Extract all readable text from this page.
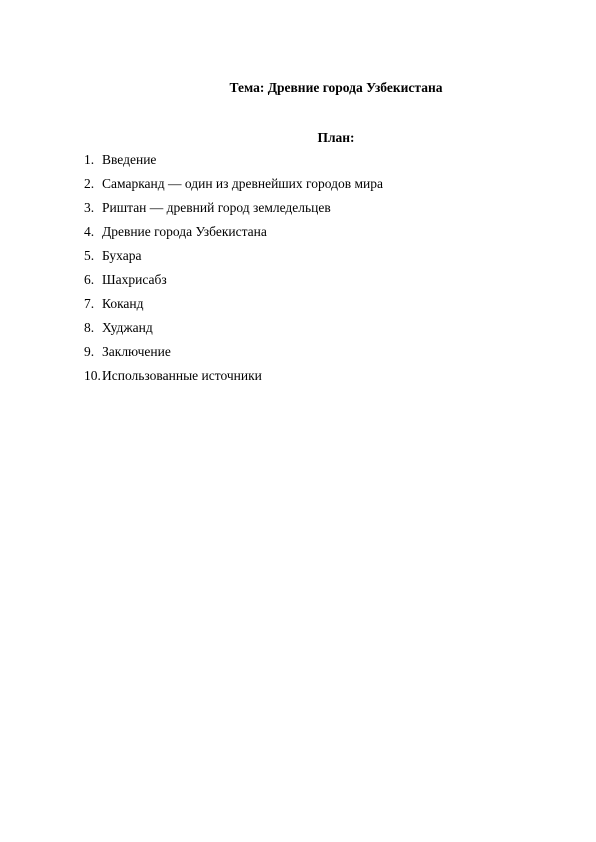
Тема: Древние города Узбекистана
План:
1. Введение
2. Самарканд — один из древнейших городов мира
3. Риштан — древний город земледельцев
4. Древние города Узбекистана
5. Бухара
6. Шахрисабз
7. Коканд
8. Худжанд
9. Заключение
10. Использованные источники
